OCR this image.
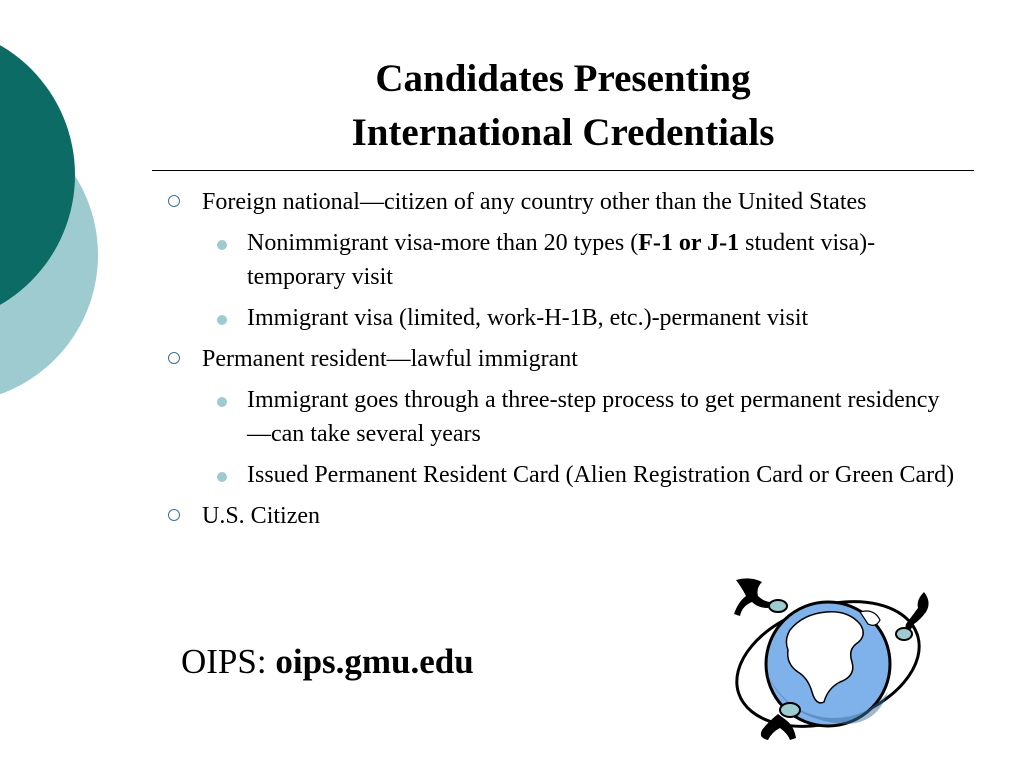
Candidates Presenting
International Credentials
Foreign national—citizen of any country other than the United States
Nonimmigrant visa-more than 20 types (F-1 or J-1 student visa)-temporary visit
Immigrant visa (limited, work-H-1B, etc.)-permanent visit
Permanent resident—lawful immigrant
Immigrant goes through a three-step process to get permanent residency—can take several years
Issued Permanent Resident Card (Alien Registration Card or Green Card)
U.S. Citizen
OIPS: oips.gmu.edu
